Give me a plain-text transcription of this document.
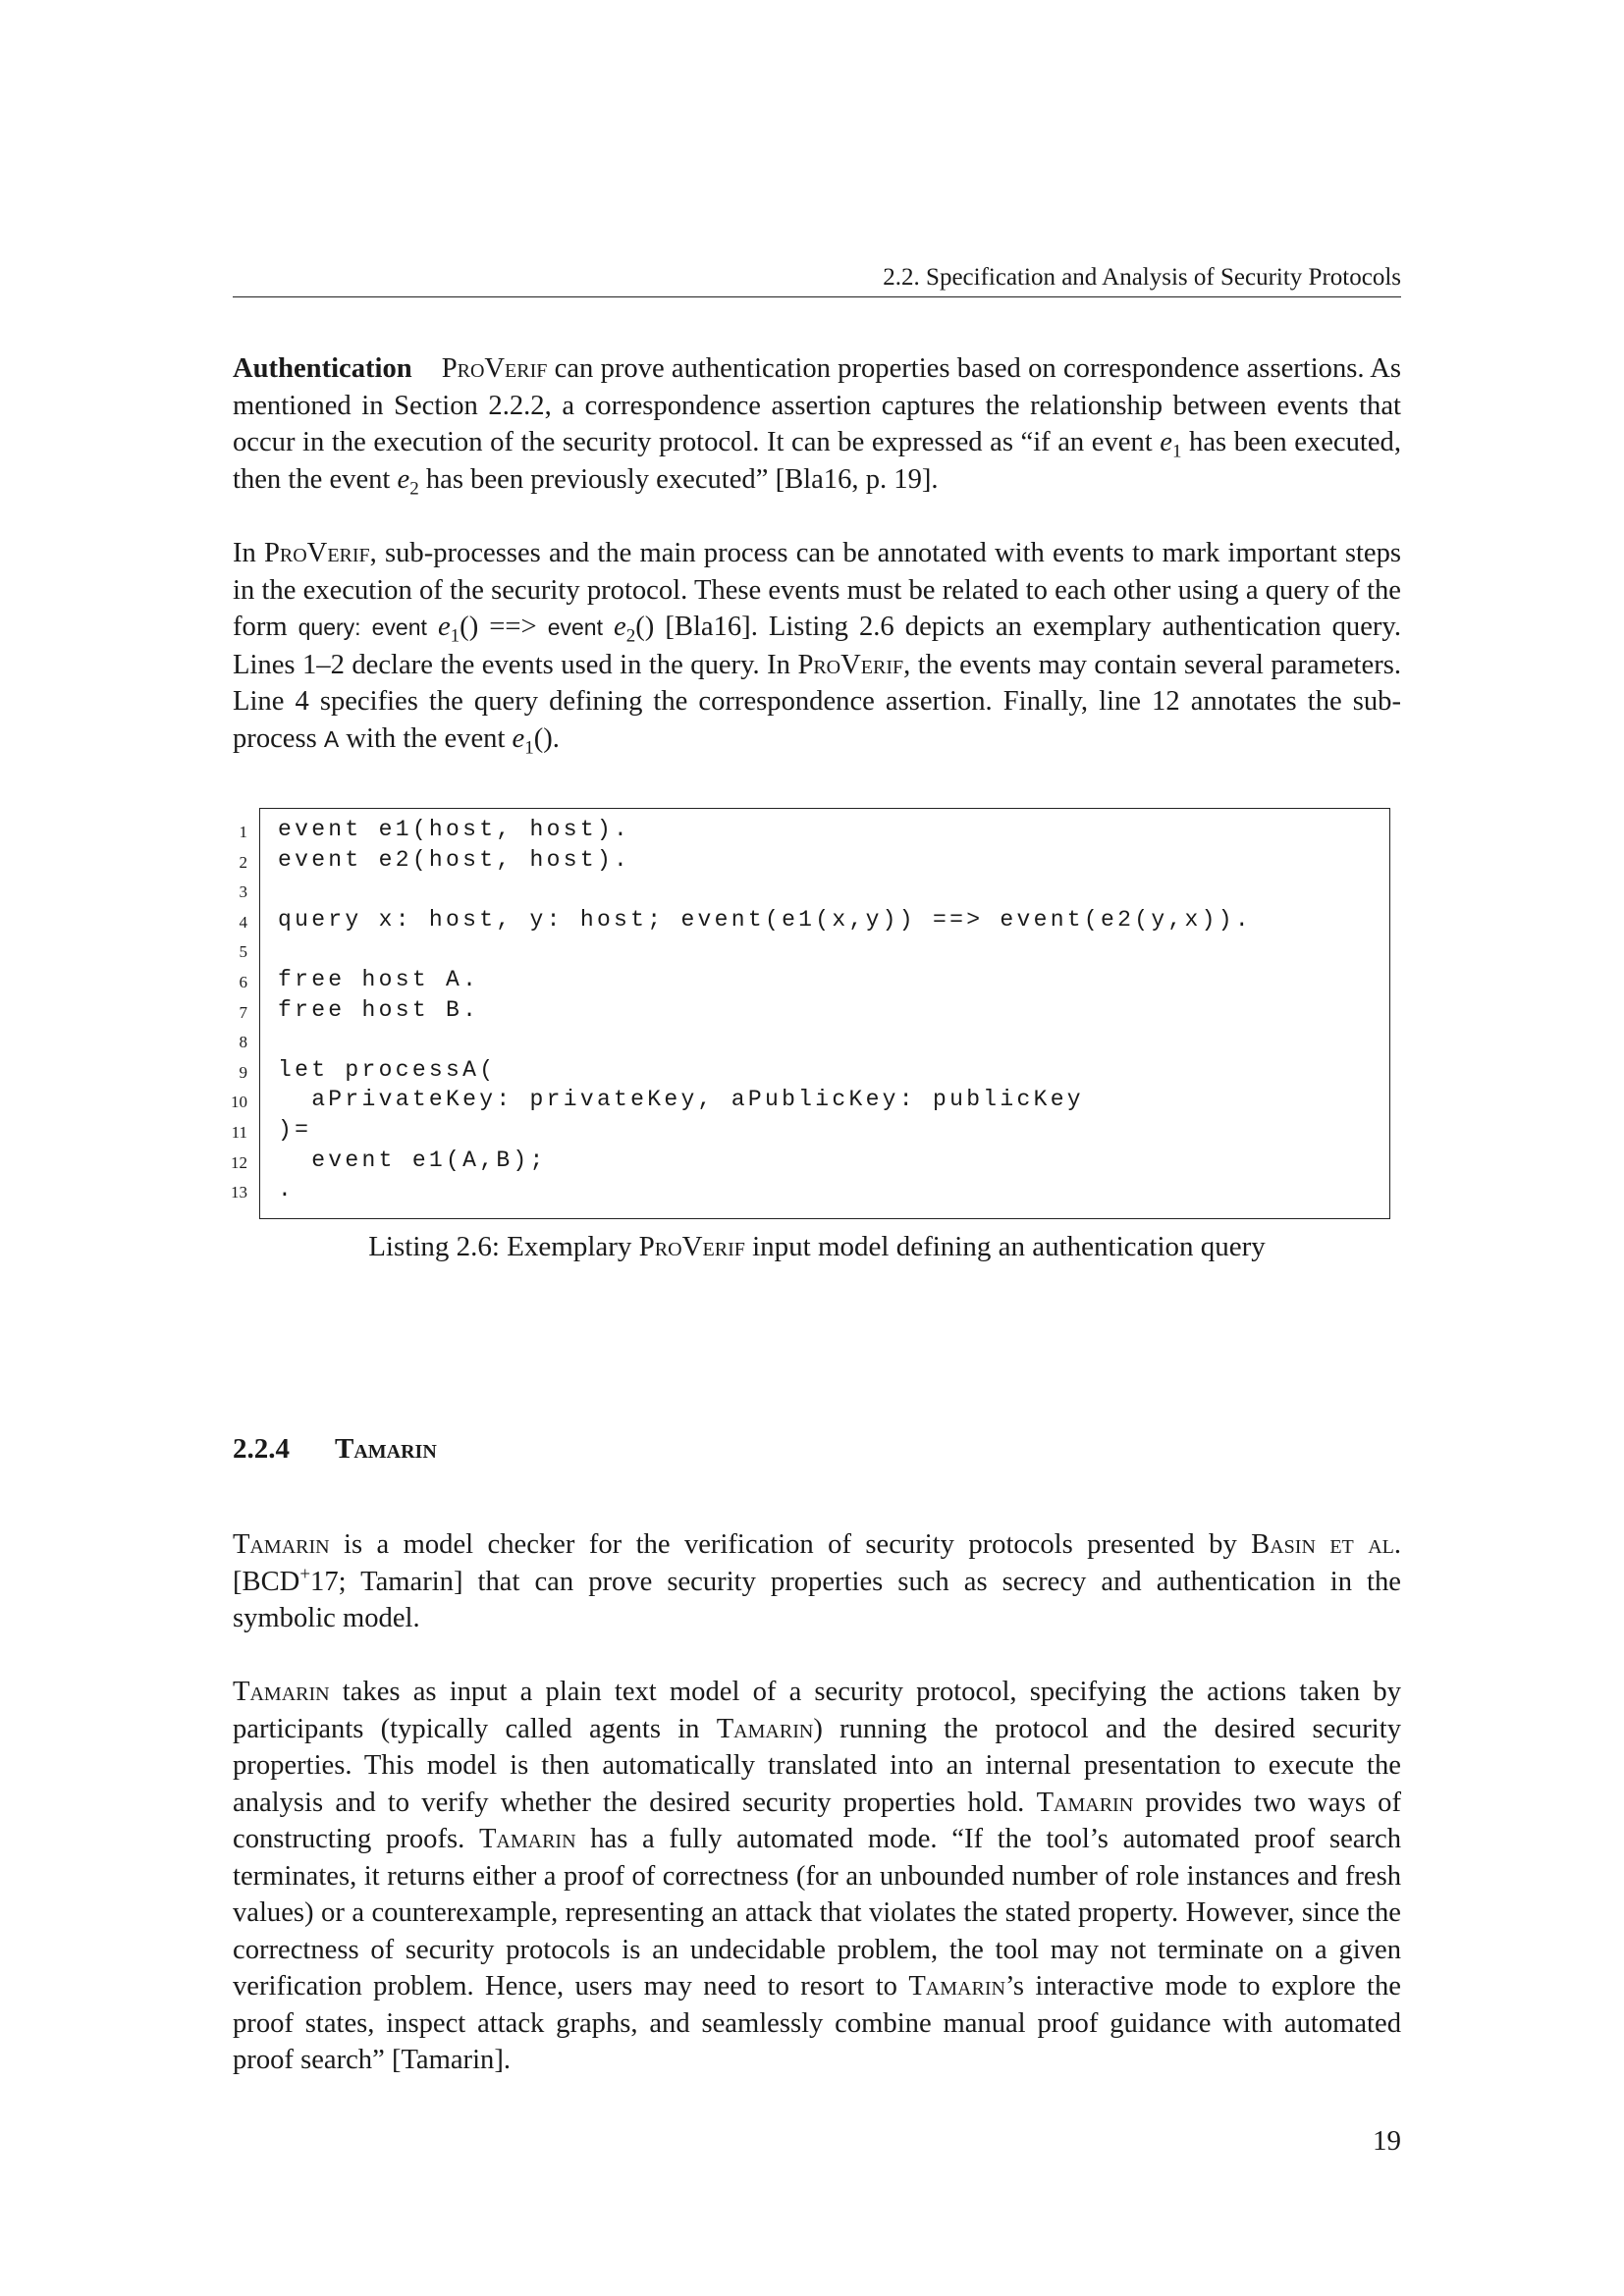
2.2. Specification and Analysis of Security Protocols

Authentication ProVerif can prove authentication properties based on correspondence assertions. As mentioned in Section 2.2.2, a correspondence assertion captures the relationship between events that occur in the execution of the security protocol. It can be expressed as “if an event $e_1$ has been executed, then the event $e_2$ has been previously executed” [Bla16, p. 19].

In ProVerif, sub-processes and the main process can be annotated with events to mark important steps in the execution of the security protocol. These events must be related to each other using a query of the form query: event $e_1()$ ==> event $e_2()$ [Bla16]. Listing 2.6 depicts an exemplary authentication query. Lines 1–2 declare the events used in the query. In ProVerif, the events may contain several parameters. Line 4 specifies the query defining the correspondence assertion. Finally, line 12 annotates the sub-process A with the event $e_1()$.

1 event e1(host, host).
2 event e2(host, host).
3
4 query x: host, y: host; event(e1(x,y)) ==> event(e2(y,x)).
5
6 free host A.
7 free host B.
8
9 let processA(
10 aPrivateKey: privateKey, aPublicKey: publicKey
11 )=
12 event e1(A,B);
13 .
Listing 2.6: Exemplary ProVerif input model defining an authentication query
2.2.4 Tamarin

Tamarin is a model checker for the verification of security protocols presented by Basin et al. [BCD+17; Tamarin] that can prove security properties such as secrecy and authentication in the symbolic model.

Tamarin takes as input a plain text model of a security protocol, specifying the actions taken by participants (typically called agents in Tamarin) running the protocol and the desired security properties. This model is then automatically translated into an internal presentation to execute the analysis and to verify whether the desired security properties hold. Tamarin provides two ways of constructing proofs. Tamarin has a fully automated mode. “If the tool’s automated proof search terminates, it returns either a proof of correctness (for an unbounded number of role instances and fresh values) or a counterexample, representing an attack that violates the stated property. However, since the correctness of security protocols is an undecidable problem, the tool may not terminate on a given verification problem. Hence, users may need to resort to Tamarin’s interactive mode to explore the proof states, inspect attack graphs, and seamlessly combine manual proof guidance with automated proof search” [Tamarin].

19
